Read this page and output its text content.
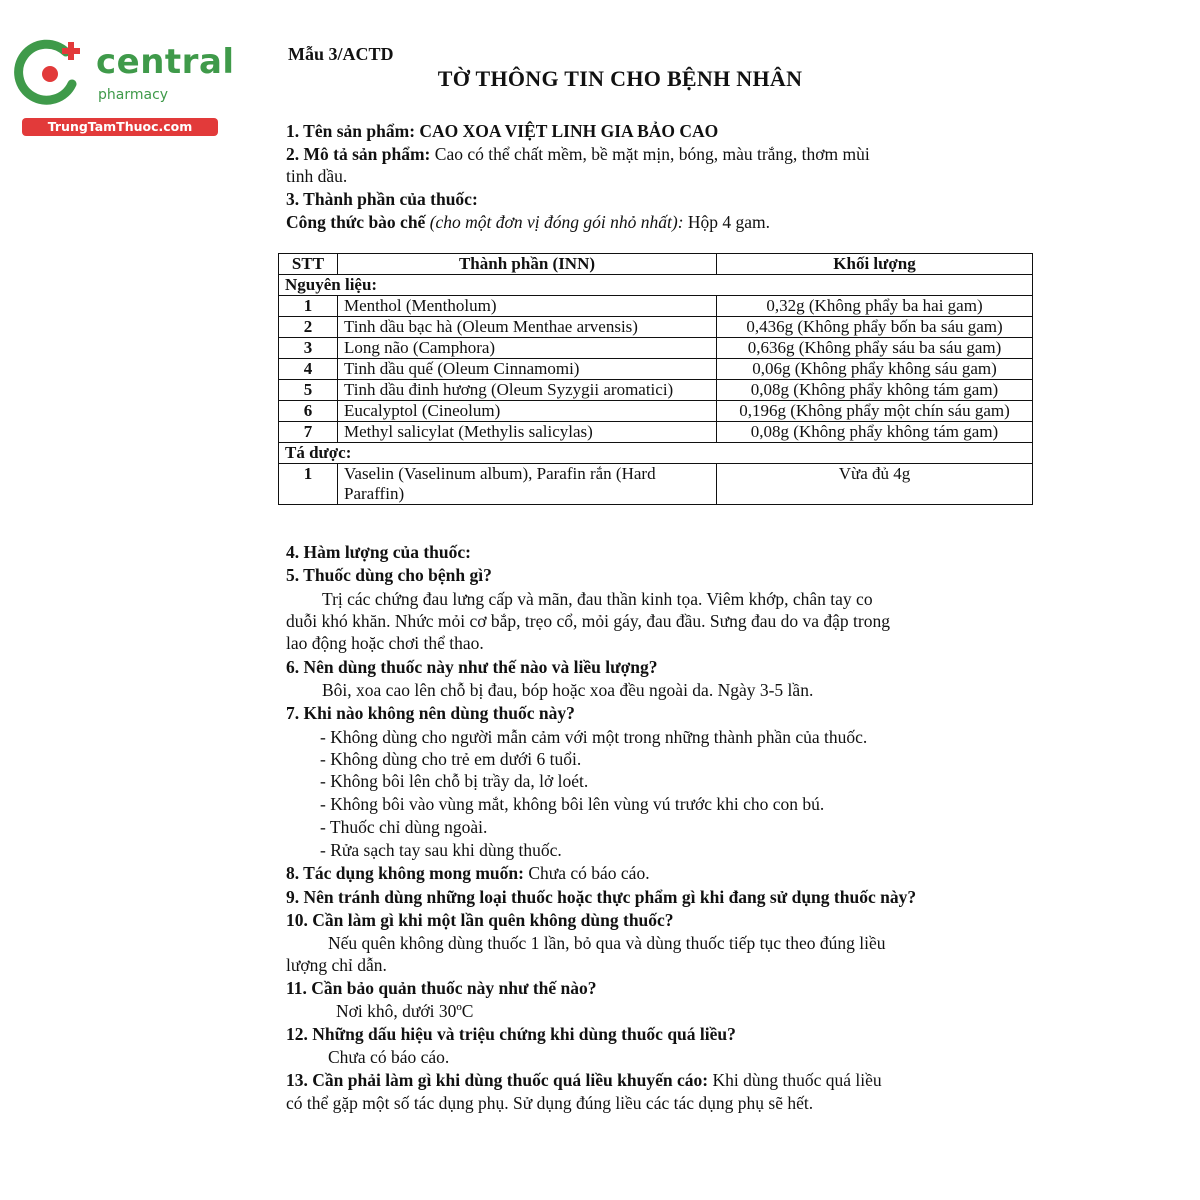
central
pharmacy
TrungTamThuoc.com
Mẫu 3/ACTD
TỜ THÔNG TIN CHO BỆNH NHÂN
1. Tên sản phẩm: CAO XOA VIỆT LINH GIA BẢO CAO
2. Mô tả sản phẩm: Cao có thể chất mềm, bề mặt mịn, bóng, màu trắng, thơm mùi
tinh dầu.
3. Thành phần của thuốc:
Công thức bào chế (cho một đơn vị đóng gói nhỏ nhất): Hộp 4 gam.
STT	Thành phần (INN)	Khối lượng
Nguyên liệu:		
1	Menthol (Mentholum)	0,32g (Không phẩy ba hai gam)
2	Tinh dầu bạc hà (Oleum Menthae arvensis)	0,436g (Không phẩy bốn ba sáu gam)
3	Long não (Camphora)	0,636g (Không phẩy sáu ba sáu gam)
4	Tinh dầu quế (Oleum Cinnamomi)	0,06g (Không phẩy không sáu gam)
5	Tinh dầu đinh hương (Oleum Syzygii aromatici)	0,08g (Không phẩy không tám gam)
6	Eucalyptol (Cineolum)	0,196g (Không phẩy một chín sáu gam)
7	Methyl salicylat (Methylis salicylas)	0,08g (Không phẩy không tám gam)
Tá dược:		
1	Vaselin (Vaselinum album), Parafin rắn (Hard
Paraffin)	Vừa đủ 4g
4. Hàm lượng của thuốc:
5. Thuốc dùng cho bệnh gì?
Trị các chứng đau lưng cấp và mãn, đau thần kinh tọa. Viêm khớp, chân tay co
duỗi khó khăn. Nhức mỏi cơ bắp, trẹo cổ, mỏi gáy, đau đầu. Sưng đau do va đập trong
lao động hoặc chơi thể thao.
6. Nên dùng thuốc này như thế nào và liều lượng?
Bôi, xoa cao lên chỗ bị đau, bóp hoặc xoa đều ngoài da. Ngày 3-5 lần.
7. Khi nào không nên dùng thuốc này?
- Không dùng cho người mẫn cảm với một trong những thành phần của thuốc.
- Không dùng cho trẻ em dưới 6 tuổi.
- Không bôi lên chỗ bị trầy da, lở loét.
- Không bôi vào vùng mắt, không bôi lên vùng vú trước khi cho con bú.
- Thuốc chỉ dùng ngoài.
- Rửa sạch tay sau khi dùng thuốc.
8. Tác dụng không mong muốn: Chưa có báo cáo.
9. Nên tránh dùng những loại thuốc hoặc thực phẩm gì khi đang sử dụng thuốc này?
10. Cần làm gì khi một lần quên không dùng thuốc?
Nếu quên không dùng thuốc 1 lần, bỏ qua và dùng thuốc tiếp tục theo đúng liều
lượng chỉ dẫn.
11. Cần bảo quản thuốc này như thế nào?
Nơi khô, dưới 30ºC
12. Những dấu hiệu và triệu chứng khi dùng thuốc quá liều?
Chưa có báo cáo.
13. Cần phải làm gì khi dùng thuốc quá liều khuyến cáo: Khi dùng thuốc quá liều
có thể gặp một số tác dụng phụ. Sử dụng đúng liều các tác dụng phụ sẽ hết.
